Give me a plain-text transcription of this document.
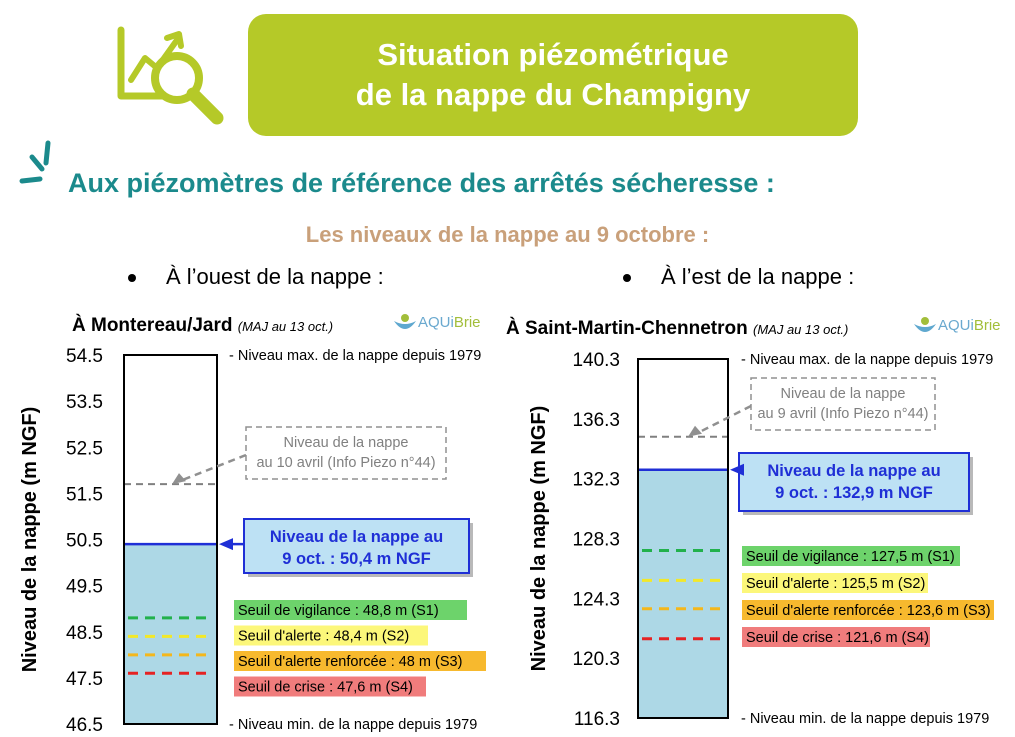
Situation piézométrique
de la nappe du Champigny
Aux piézomètres de référence des arrêtés sécheresse :
Les niveaux de la nappe au 9 octobre :
À l’ouest de la nappe :	À l’est de la nappe :
À Montereau/Jard (MAJ au 13 oct.)	AQUiBrie À Saint-Martin-Chennetron (MAJ au 13 oct.)	AQUiBrie
Niveau de la nappe (m NGF)
54.5
53.5
52.5
51.5
50.5
49.5
48.5
47.5
46.5
Seuil de vigilance : 48,8 m (S1)
Seuil d'alerte : 48,4 m (S2)
Seuil d'alerte renforcée : 48 m (S3)
Seuil de crise : 47,6 m (S4)
- Niveau max. de la nappe depuis 1979
- Niveau min. de la nappe depuis 1979
Niveau de la nappe
au 10 avril (Info Piezo n°44)
Niveau de la nappe au
9 oct. : 50,4 m NGF	Niveau de la nappe (m NGF)
140.3
136.3
132.3
128.3
124.3
120.3
116.3
Seuil de vigilance : 127,5 m (S1)
Seuil d'alerte : 125,5 m (S2)
Seuil d'alerte renforcée : 123,6 m (S3)
Seuil de crise : 121,6 m (S4)
- Niveau max. de la nappe depuis 1979
- Niveau min. de la nappe depuis 1979
Niveau de la nappe
au 9 avril (Info Piezo n°44)
Niveau de la nappe au
9 oct. : 132,9 m NGF
